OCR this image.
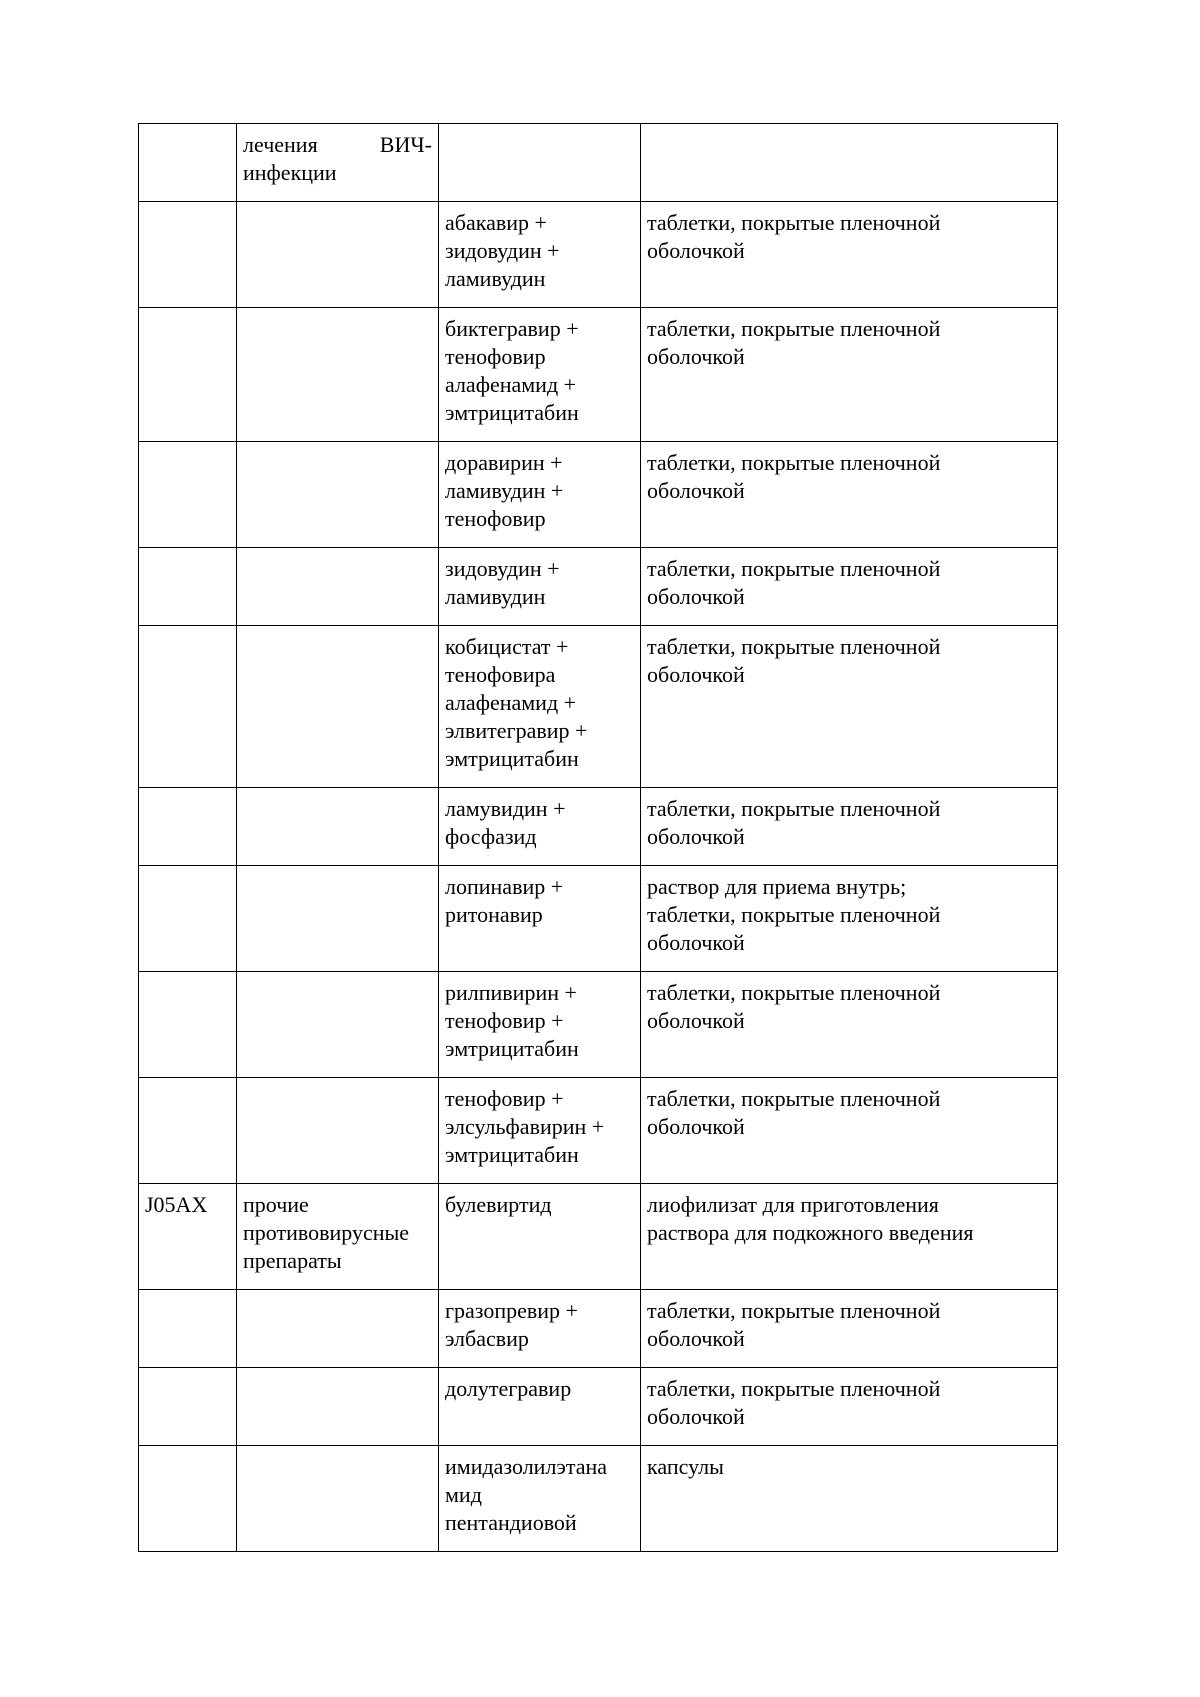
	лечения ВИЧ-
инфекции		

		абакавир +
зидовудин +
ламивудин	таблетки, покрытые пленочной
оболочкой

		биктегравир +
тенофовир
алафенамид +
эмтрицитабин	таблетки, покрытые пленочной
оболочкой

		доравирин +
ламивудин +
тенофовир	таблетки, покрытые пленочной
оболочкой

		зидовудин +
ламивудин	таблетки, покрытые пленочной
оболочкой

		кобицистат +
тенофовира
алафенамид +
элвитегравир +
эмтрицитабин	таблетки, покрытые пленочной
оболочкой

		ламувидин +
фосфазид	таблетки, покрытые пленочной
оболочкой

		лопинавир +
ритонавир	раствор для приема внутрь;
таблетки, покрытые пленочной
оболочкой

		рилпивирин +
тенофовир +
эмтрицитабин	таблетки, покрытые пленочной
оболочкой

		тенофовир +
элсульфавирин +
эмтрицитабин	таблетки, покрытые пленочной
оболочкой

J05AX	прочие
противовирусные
препараты	булевиртид	лиофилизат для приготовления
раствора для подкожного введения

		гразопревир +
элбасвир	таблетки, покрытые пленочной
оболочкой

		долутегравир	таблетки, покрытые пленочной
оболочкой

		имидазолилэтана
мид
пентандиовой	капсулы
